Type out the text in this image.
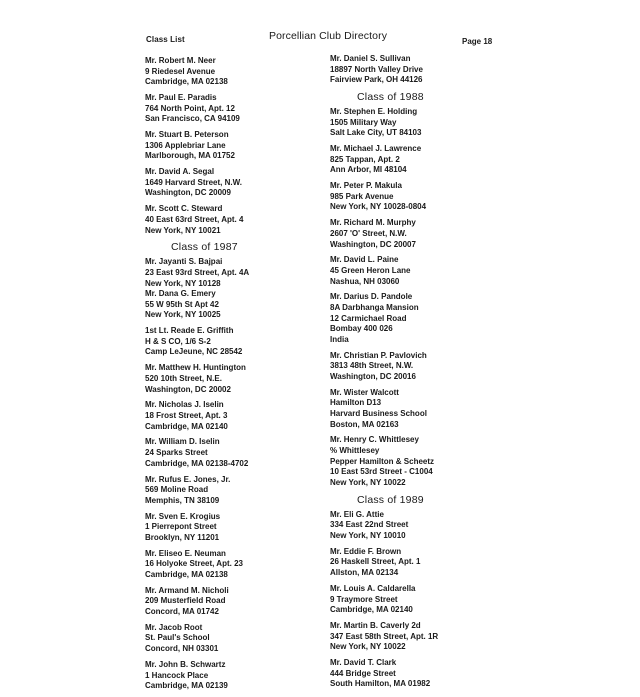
Class List	Porcellian Club Directory	Page 18
Mr. Robert M. Neer
9 Riedesel Avenue
Cambridge, MA 02138
Mr. Paul E. Paradis
764 North Point, Apt. 12
San Francisco, CA 94109
Mr. Stuart B. Peterson
1306 Applebriar Lane
Marlborough, MA 01752
Mr. David A. Segal
1649 Harvard Street, N.W.
Washington, DC 20009
Mr. Scott C. Steward
40 East 63rd Street, Apt. 4
New York, NY 10021
Class of 1987
Mr. Jayanti S. Bajpai
23 East 93rd Street, Apt. 4A
New York, NY 10128
Mr. Dana G. Emery
55 W 95th St Apt 42
New York, NY 10025
1st Lt. Reade E. Griffith
H & S CO, 1/6 S-2
Camp LeJeune, NC 28542
Mr. Matthew H. Huntington
520 10th Street, N.E.
Washington, DC 20002
Mr. Nicholas J. Iselin
18 Frost Street, Apt. 3
Cambridge, MA 02140
Mr. William D. Iselin
24 Sparks Street
Cambridge, MA 02138-4702
Mr. Rufus E. Jones, Jr.
569 Moline Road
Memphis, TN 38109
Mr. Sven E. Krogius
1 Pierrepont Street
Brooklyn, NY 11201
Mr. Eliseo E. Neuman
16 Holyoke Street, Apt. 23
Cambridge, MA 02138
Mr. Armand M. Nicholi
209 Musterfield Road
Concord, MA 01742
Mr. Jacob Root
St. Paul's School
Concord, NH 03301
Mr. John B. Schwartz
1 Hancock Place
Cambridge, MA 02139
Mr. Daniel S. Sullivan
18897 North Valley Drive
Fairview Park, OH 44126
Class of 1988
Mr. Stephen E. Holding
1505 Military Way
Salt Lake City, UT 84103
Mr. Michael J. Lawrence
825 Tappan, Apt. 2
Ann Arbor, MI 48104
Mr. Peter P. Makula
985 Park Avenue
New York, NY 10028-0804
Mr. Richard M. Murphy
2607 'O' Street, N.W.
Washington, DC 20007
Mr. David L. Paine
45 Green Heron Lane
Nashua, NH 03060
Mr. Darius D. Pandole
8A Darbhanga Mansion
12 Carmichael Road
Bombay 400 026
India
Mr. Christian P. Pavlovich
3813 48th Street, N.W.
Washington, DC 20016
Mr. Wister Walcott
Hamilton D13
Harvard Business School
Boston, MA 02163
Mr. Henry C. Whittlesey
% Whittlesey
Pepper Hamilton & Scheetz
10 East 53rd Street - C1004
New York, NY 10022
Class of 1989
Mr. Eli G. Attie
334 East 22nd Street
New York, NY 10010
Mr. Eddie F. Brown
26 Haskell Street, Apt. 1
Allston, MA 02134
Mr. Louis A. Caldarella
9 Traymore Street
Cambridge, MA 02140
Mr. Martin B. Caverly 2d
347 East 58th Street, Apt. 1R
New York, NY 10022
Mr. David T. Clark
444 Bridge Street
South Hamilton, MA 01982
